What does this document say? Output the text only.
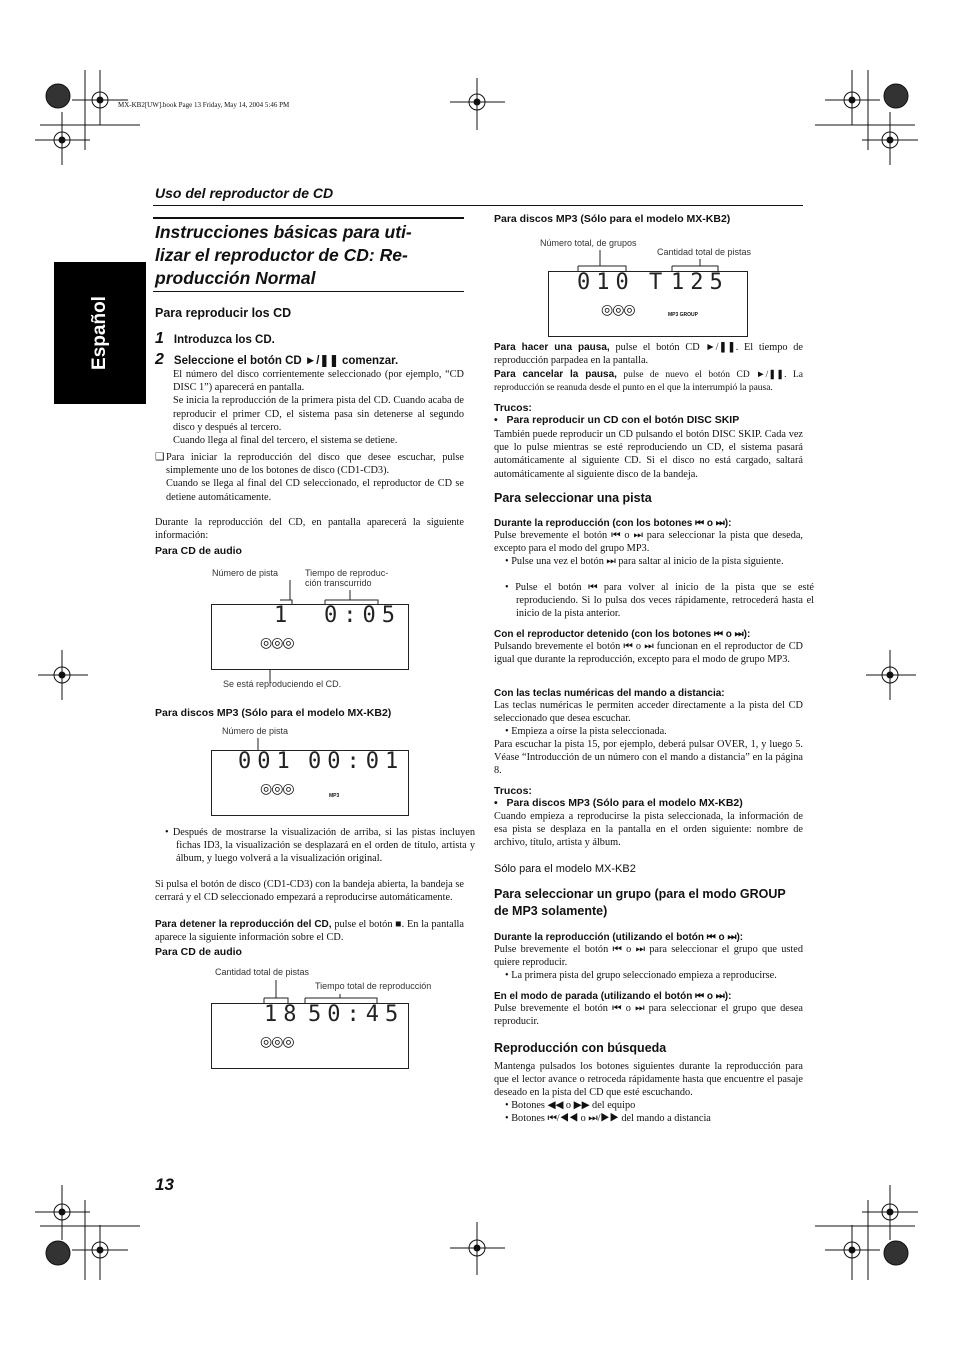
MX-KB2[UW].book Page 13 Friday, May 14, 2004 5:46 PM
Uso del reproductor de CD
Español
Instrucciones básicas para uti-
lizar el reproductor de CD: Re-
producción Normal
Para reproducir los CD
1 Introduzca los CD.
2 Seleccione el botón CD ►/❚❚ comenzar.
El número del disco corrientemente seleccionado (por ejemplo, “CD DISC 1”) aparecerá en pantalla.
Se inicia la reproducción de la primera pista del CD. Cuando acaba de reproducir el primer CD, el sistema pasa sin detenerse al segundo disco y después al tercero.
Cuando llega al final del tercero, el sistema se detiene.
❑ Para iniciar la reproducción del disco que desee escuchar, pulse simplemente uno de los botones de disco (CD1-CD3).
Cuando se llega al final del CD seleccionado, el reproductor de CD se detiene automáticamente.
Durante la reproducción del CD, en pantalla aparecerá la siguiente información:
Para CD de audio
Número de pista	Tiempo de reproduc-
ción transcurrido
1 0:05
◎◎◎
Se está reproduciendo el CD.
Para discos MP3 (Sólo para el modelo MX-KB2)
Número de pista
001 00:01
◎◎◎	MP3
• Después de mostrarse la visualización de arriba, si las pistas incluyen fichas ID3, la visualización se desplazará en el orden de título, artista y álbum, y luego volverá a la visualización original.
Si pulsa el botón de disco (CD1-CD3) con la bandeja abierta, la bandeja se cerrará y el CD seleccionado empezará a reproducirse automáticamente.
Para detener la reproducción del CD, pulse el botón ■. En la pantalla aparece la siguiente información sobre el CD.
Para CD de audio
Cantidad total de pistas
Tiempo total de reproducción
18 50:45
◎◎◎
13
Para discos MP3 (Sólo para el modelo MX-KB2)
Número total, de grupos
Cantidad total de pistas
010 T 125
◎◎◎	MP3 GROUP
Para hacer una pausa, pulse el botón CD ►/❚❚. El tiempo de reproducción parpadea en la pantalla.
Para cancelar la pausa, pulse de nuevo el botón CD ►/❚❚. La reproducción se reanuda desde el punto en el que la interrumpió la pausa.
Trucos:
•   Para reproducir un CD con el botón DISC SKIP
También puede reproducir un CD pulsando el botón DISC SKIP. Cada vez que lo pulse mientras se esté reproduciendo un CD, el sistema pasará automáticamente al siguiente CD. Si el disco no está cargado, saltará automáticamente al siguiente disco de la bandeja.
Para seleccionar una pista
Durante la reproducción (con los botones ⏮ o ⏭):
Pulse brevemente el botón ⏮ o ⏭ para seleccionar la pista que deseda, excepto para el modo del grupo MP3.
• Pulse una vez el botón ⏭ para saltar al inicio de la pista siguiente.
• Pulse el botón ⏮ para volver al inicio de la pista que se esté reproduciendo. Si lo pulsa dos veces rápidamente, retrocederá hasta el inicio de la pista anterior.
Con el reproductor detenido (con los botones ⏮ o ⏭):
Pulsando brevemente el botón ⏮ o ⏭ funcionan en el reproductor de CD igual que durante la reproducción, excepto para el modo de grupo MP3.
Con las teclas numéricas del mando a distancia:
Las teclas numéricas le permiten acceder directamente a la pista del CD seleccionado que desea escuchar.
• Empieza a oírse la pista seleccionada.
Para escuchar la pista 15, por ejemplo, deberá pulsar OVER, 1, y luego 5. Véase “Introducción de un número con el mando a distancia” en la página 8.
Trucos:
•   Para discos MP3 (Sólo para el modelo MX-KB2)
Cuando empieza a reproducirse la pista seleccionada, la información de esa pista se desplaza en la pantalla en el orden siguiente: nombre de archivo, título, artista y álbum.
Sólo para el modelo MX-KB2
Para seleccionar un grupo (para el modo GROUP
de MP3 solamente)
Durante la reproducción (utilizando el botón ⏮ o ⏭):
Pulse brevemente el botón ⏮ o ⏭ para seleccionar el grupo que usted quiere reproducir.
• La primera pista del grupo seleccionado empieza a reproducirse.
En el modo de parada (utilizando el botón ⏮ o ⏭):
Pulse brevemente el botón ⏮ o ⏭ para seleccionar el grupo que desea reproducir.
Reproducción con búsqueda
Mantenga pulsados los botones siguientes durante la reproducción para que el lector avance o retroceda rápidamente hasta que encuentre el pasaje deseado en la pista del CD que esté escuchando.
• Botones ◀◀ o ▶▶ del equipo
• Botones ⏮/◀◀ o ⏭/▶▶ del mando a distancia
